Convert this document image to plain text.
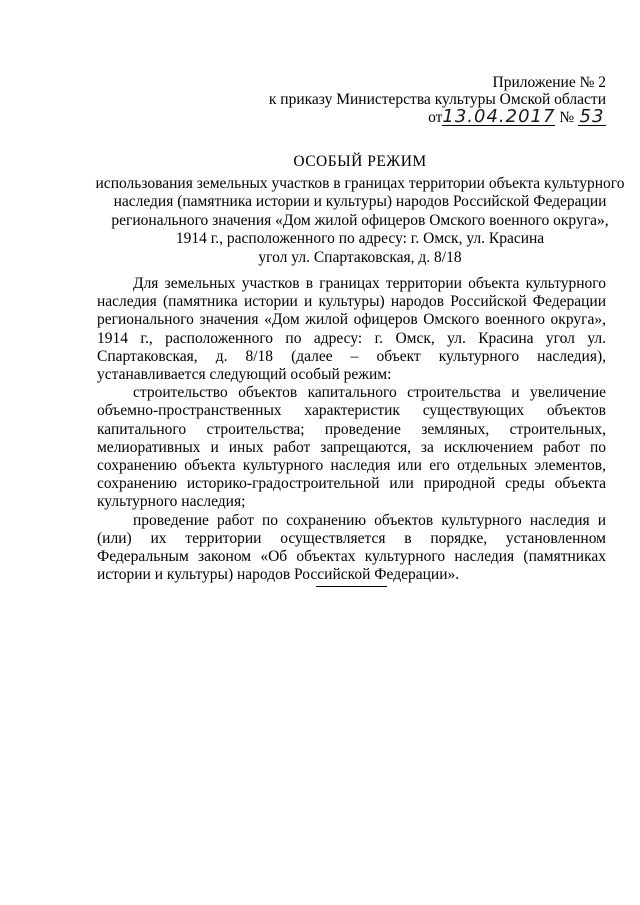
Приложение № 2
к приказу Министерства культуры Омской области
от13.04.2017 № 53
ОСОБЫЙ РЕЖИМ
использования земельных участков в границах территории объекта культурного
наследия (памятника истории и культуры) народов Российской Федерации
регионального значения «Дом жилой офицеров Омского военного округа»,
1914 г., расположенного по адресу: г. Омск, ул. Красина
угол ул. Спартаковская, д. 8/18

Для земельных участков в границах территории объекта культурного наследия (памятника истории и культуры) народов Российской Федерации регионального значения «Дом жилой офицеров Омского военного округа», 1914 г., расположенного по адресу: г. Омск, ул. Красина угол ул. Спартаковская, д. 8/18 (далее – объект культурного наследия), устанавливается следующий особый режим:

строительство объектов капитального строительства и увеличение объемно-пространственных характеристик существующих объектов капитального строительства; проведение земляных, строительных, мелиоративных и иных работ запрещаются, за исключением работ по сохранению объекта культурного наследия или его отдельных элементов, сохранению историко-градостроительной или природной среды объекта культурного наследия;

проведение работ по сохранению объектов культурного наследия и (или) их территории осуществляется в порядке, установленном Федеральным законом «Об объектах культурного наследия (памятниках истории и культуры) народов Российской Федерации».
